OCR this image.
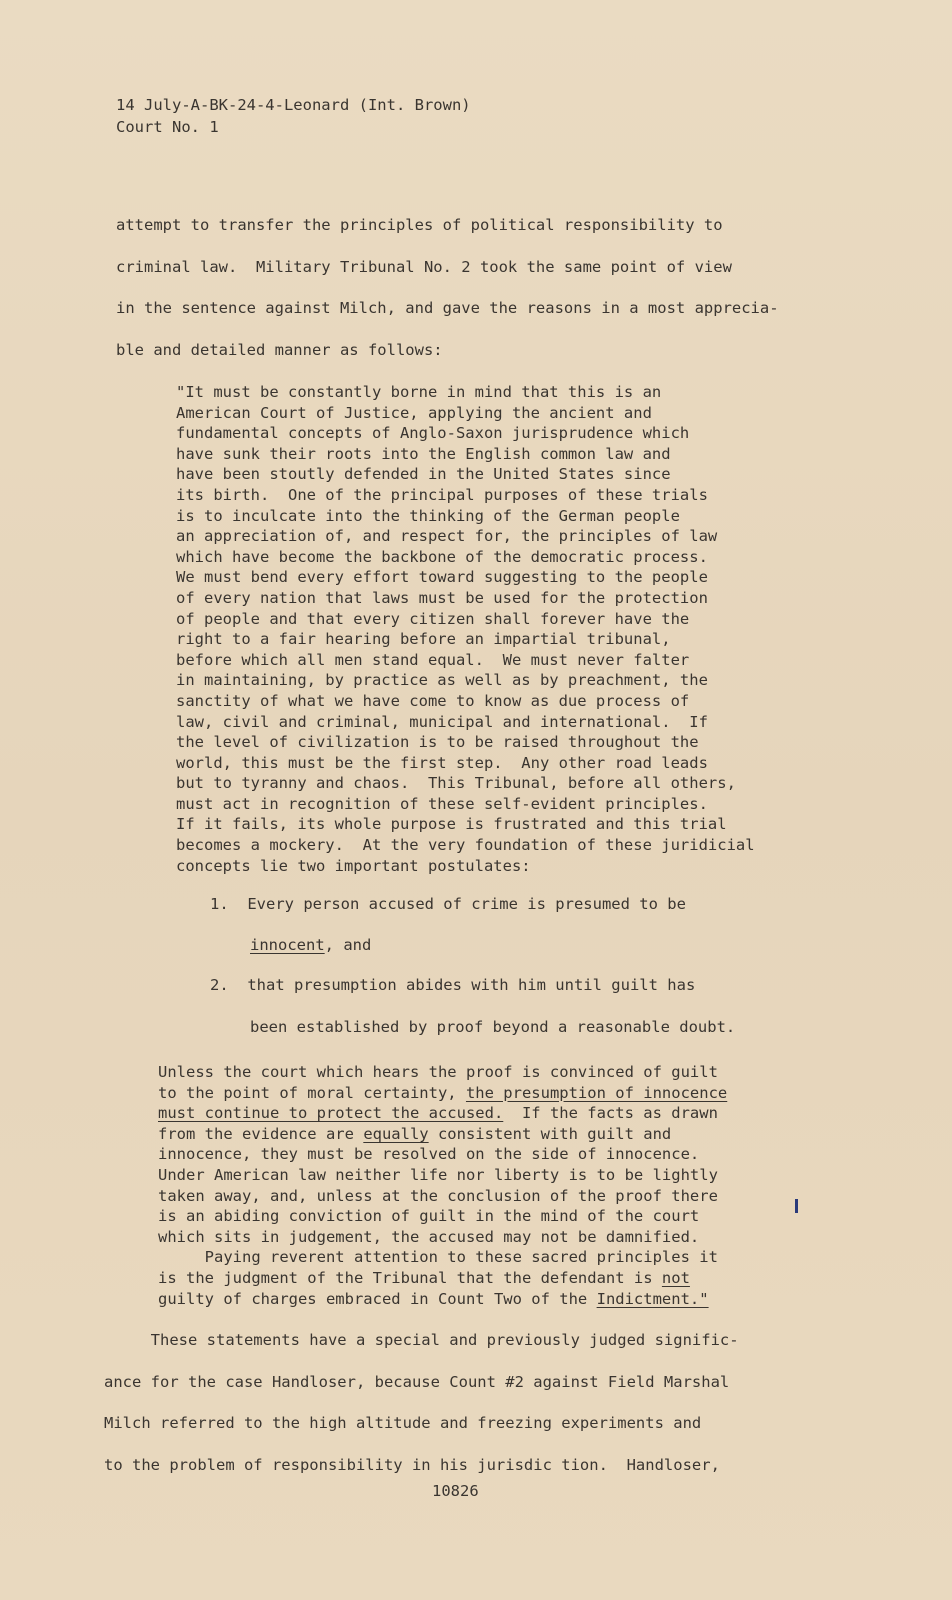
14 July-A-BK-24-4-Leonard (Int. Brown)
Court No. 1
attempt to transfer the principles of political responsibility to
criminal law.  Military Tribunal No. 2 took the same point of view
in the sentence against Milch, and gave the reasons in a most apprecia-
ble and detailed manner as follows:
"It must be constantly borne in mind that this is an
American Court of Justice, applying the ancient and
fundamental concepts of Anglo-Saxon jurisprudence which
have sunk their roots into the English common law and
have been stoutly defended in the United States since
its birth.  One of the principal purposes of these trials
is to inculcate into the thinking of the German people
an appreciation of, and respect for, the principles of law
which have become the backbone of the democratic process.
We must bend every effort toward suggesting to the people
of every nation that laws must be used for the protection
of people and that every citizen shall forever have the
right to a fair hearing before an impartial tribunal,
before which all men stand equal.  We must never falter
in maintaining, by practice as well as by preachment, the
sanctity of what we have come to know as due process of
law, civil and criminal, municipal and international.  If
the level of civilization is to be raised throughout the
world, this must be the first step.  Any other road leads
but to tyranny and chaos.  This Tribunal, before all others,
must act in recognition of these self-evident principles.
If it fails, its whole purpose is frustrated and this trial
becomes a mockery.  At the very foundation of these juridicial
concepts lie two important postulates:
1. Every person accused of crime is presumed to be
innocent, and
2. that presumption abides with him until guilt has
been established by proof beyond a reasonable doubt.
Unless the court which hears the proof is convinced of guilt
to the point of moral certainty, the presumption of innocence
must continue to protect the accused.  If the facts as drawn
from the evidence are equally consistent with guilt and
innocence, they must be resolved on the side of innocence.
Under American law neither life nor liberty is to be lightly
taken away, and, unless at the conclusion of the proof there
is an abiding conviction of guilt in the mind of the court
which sits in judgement, the accused may not be damnified.
Paying reverent attention to these sacred principles it
is the judgment of the Tribunal that the defendant is not
guilty of charges embraced in Count Two of the Indictment."
These statements have a special and previously judged signific-
ance for the case Handloser, because Count #2 against Field Marshal
Milch referred to the high altitude and freezing experiments and
to the problem of responsibility in his jurisdic tion.  Handloser,
10826
